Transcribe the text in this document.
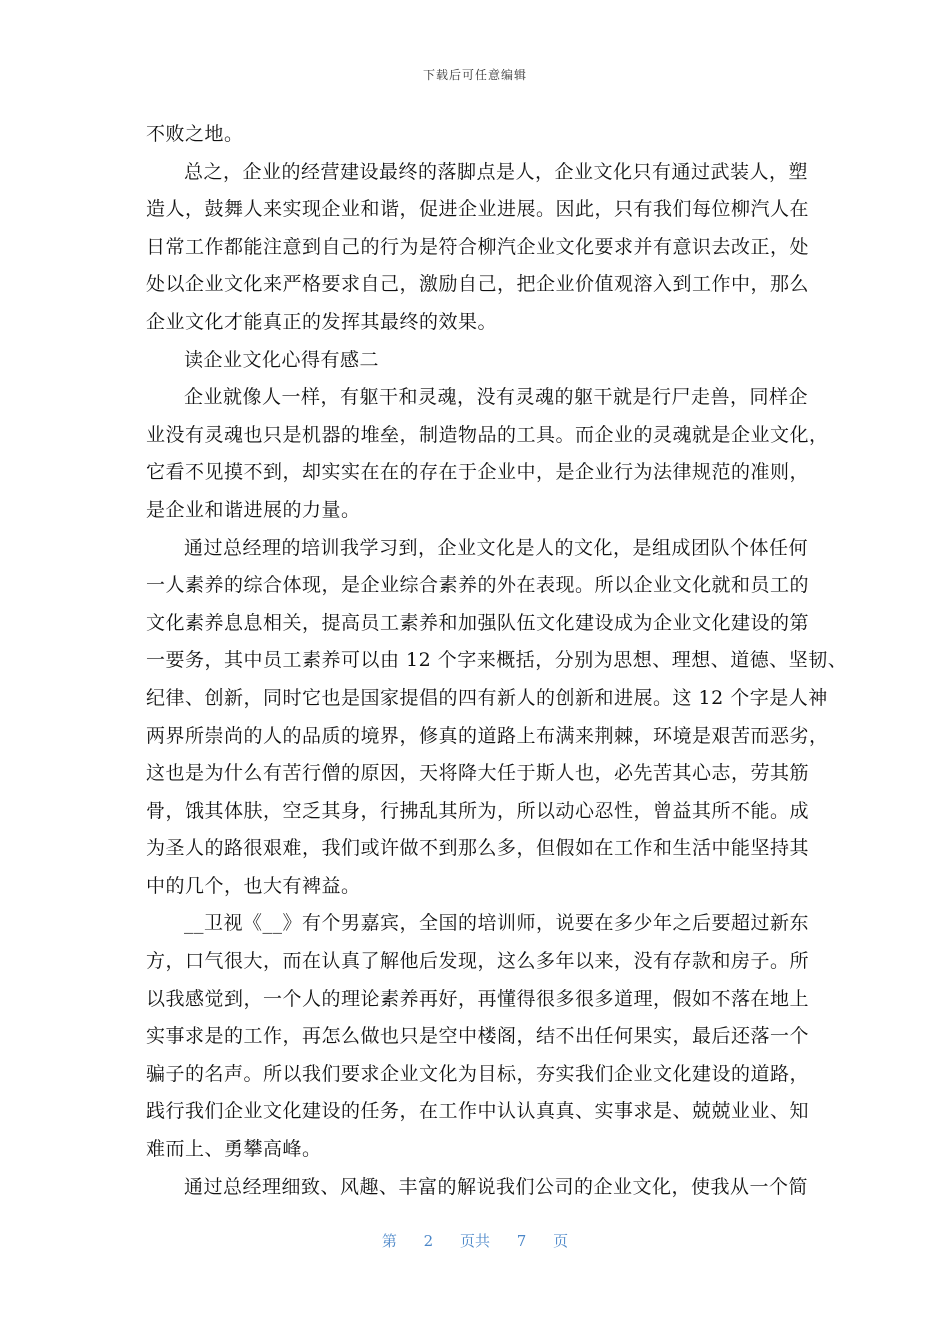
下载后可任意编辑
不败之地。
总之，企业的经营建设最终的落脚点是人，企业文化只有通过武装人，塑
造人，鼓舞人来实现企业和谐，促进企业进展。因此，只有我们每位柳汽人在
日常工作都能注意到自己的行为是符合柳汽企业文化要求并有意识去改正，处
处以企业文化来严格要求自己，激励自己，把企业价值观溶入到工作中，那么
企业文化才能真正的发挥其最终的效果。
读企业文化心得有感二
企业就像人一样，有躯干和灵魂，没有灵魂的躯干就是行尸走兽，同样企
业没有灵魂也只是机器的堆垒，制造物品的工具。而企业的灵魂就是企业文化，
它看不见摸不到，却实实在在的存在于企业中，是企业行为法律规范的准则，
是企业和谐进展的力量。
通过总经理的培训我学习到，企业文化是人的文化，是组成团队个体任何
一人素养的综合体现，是企业综合素养的外在表现。所以企业文化就和员工的
文化素养息息相关，提高员工素养和加强队伍文化建设成为企业文化建设的第
一要务，其中员工素养可以由 12 个字来概括，分别为思想、理想、道德、坚韧、
纪律、创新，同时它也是国家提倡的四有新人的创新和进展。这 12 个字是人神
两界所崇尚的人的品质的境界，修真的道路上布满来荆棘，环境是艰苦而恶劣，
这也是为什么有苦行僧的原因，天将降大任于斯人也，必先苦其心志，劳其筋
骨，饿其体肤，空乏其身，行拂乱其所为，所以动心忍性，曾益其所不能。成
为圣人的路很艰难，我们或许做不到那么多，但假如在工作和生活中能坚持其
中的几个，也大有裨益。
__卫视《__》有个男嘉宾，全国的培训师，说要在多少年之后要超过新东
方，口气很大，而在认真了解他后发现，这么多年以来，没有存款和房子。所
以我感觉到，一个人的理论素养再好，再懂得很多很多道理，假如不落在地上
实事求是的工作，再怎么做也只是空中楼阁，结不出任何果实，最后还落一个
骗子的名声。所以我们要求企业文化为目标，夯实我们企业文化建设的道路，
践行我们企业文化建设的任务，在工作中认认真真、实事求是、兢兢业业、知
难而上、勇攀高峰。
通过总经理细致、风趣、丰富的解说我们公司的企业文化，使我从一个简
第 2 页共 7 页
